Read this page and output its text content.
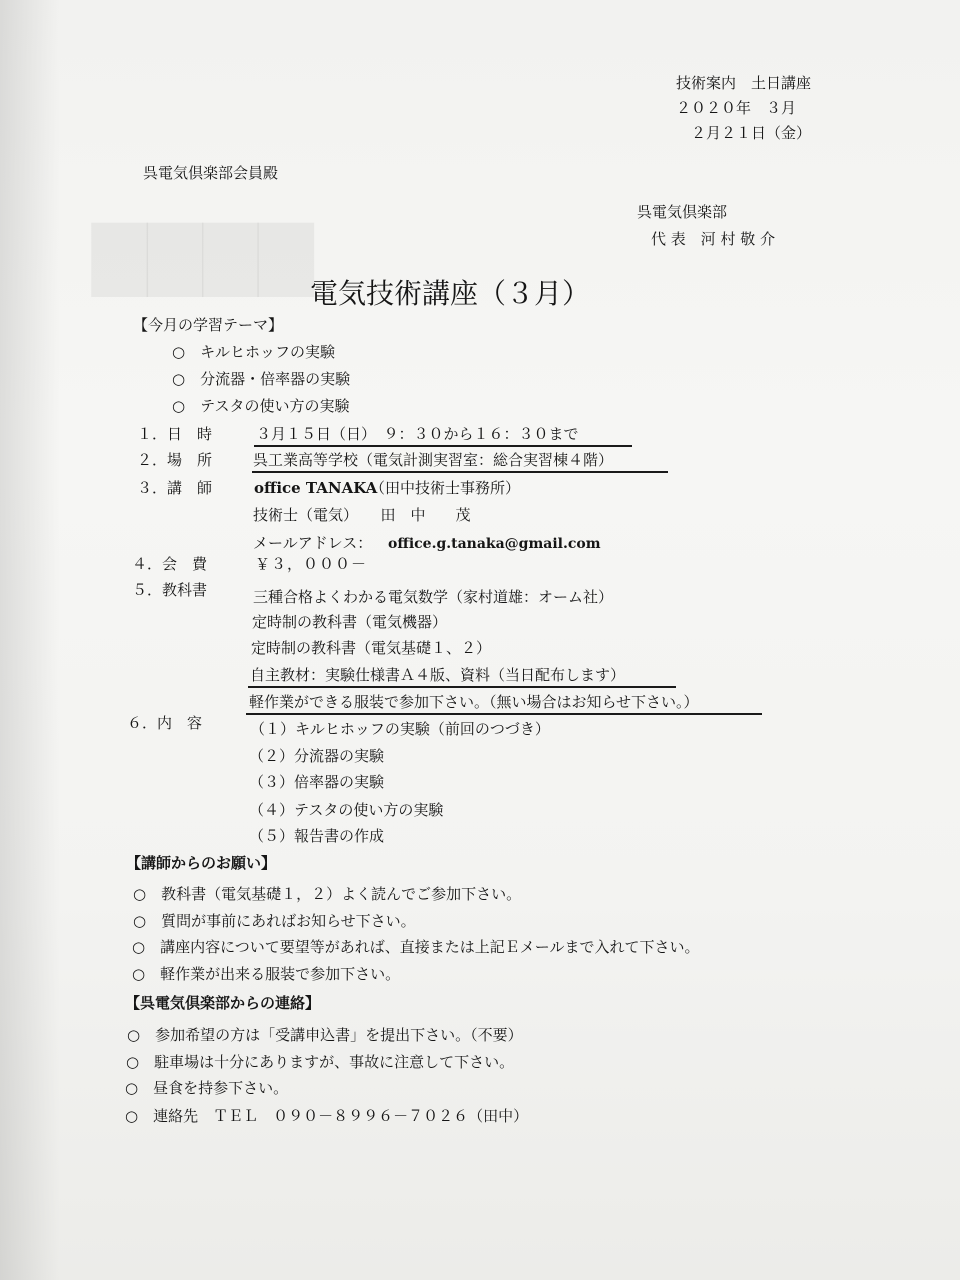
▇▇▇▇
技術案内　土日講座
２０２０年　３月
２月２１日（金）
呉電気倶楽部会員殿
呉電気倶楽部
代 表　河 村 敬 介
電気技術講座（３月）
【今月の学習テーマ】
○　キルヒホッフの実験
○　分流器・倍率器の実験
○　テスタの使い方の実験
１．日　時	３月１５日（日）　９：３０から１６：３０まで
２．場　所	呉工業高等学校（電気計測実習室：総合実習棟４階）
３．講　師	office TANAKA
（田中技術士事務所）
技術士（電気）　　田　中　　茂
メールアドレス： office.g.tanaka@gmail.com
４．会　費	￥３，０００－
５．教科書	三種合格よくわかる電気数学（家村道雄：オーム社）
定時制の教科書（電気機器）
定時制の教科書（電気基礎１、２）
自主教材：実験仕様書Ａ４版、資料（当日配布します）
軽作業ができる服装で参加下さい。（無い場合はお知らせ下さい。）
６．内　容	（１）キルヒホッフの実験（前回のつづき）
（２）分流器の実験
（３）倍率器の実験
（４）テスタの使い方の実験
（５）報告書の作成
【講師からのお願い】
○　教科書（電気基礎１，２）よく読んでご参加下さい。
○　質問が事前にあればお知らせ下さい。
○　講座内容について要望等があれば、直接または上記Ｅメールまで入れて下さい。
○　軽作業が出来る服装で参加下さい。
【呉電気倶楽部からの連絡】
○　参加希望の方は「受講申込書」を提出下さい。（不要）
○　駐車場は十分にありますが、事故に注意して下さい。
○　昼食を持参下さい。
○　連絡先　ＴＥＬ　０９０－８９９６－７０２６（田中）
